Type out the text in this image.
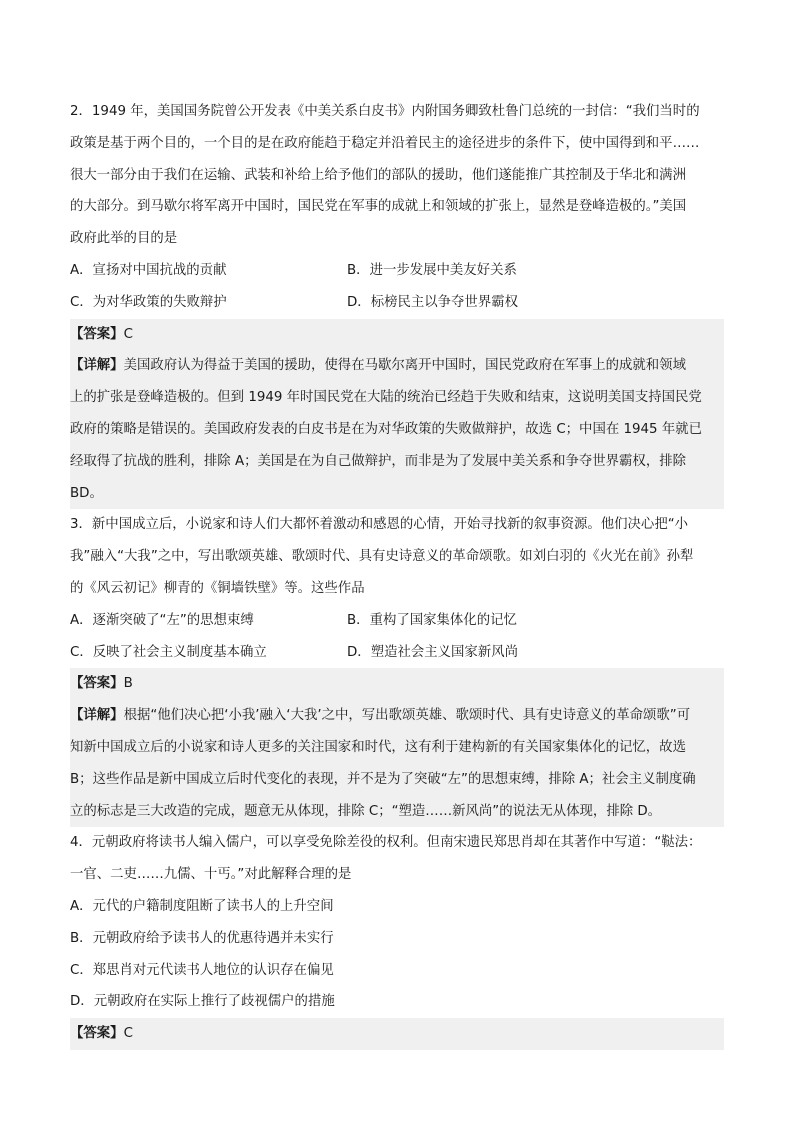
2．1949 年，美国国务院曾公开发表《中美关系白皮书》内附国务卿致杜鲁门总统的一封信：“我们当时的
政策是基于两个目的，一个目的是在政府能趋于稳定并沿着民主的途径进步的条件下，使中国得到和平……
很大一部分由于我们在运输、武装和补给上给予他们的部队的援助，他们遂能推广其控制及于华北和满洲
的大部分。到马歇尔将军离开中国时，国民党在军事的成就上和领域的扩张上，显然是登峰造极的。”美国
政府此举的目的是
A．宣扬对中国抗战的贡献	B．进一步发展中美友好关系
C．为对华政策的失败辩护	D．标榜民主以争夺世界霸权
【答案】C
【详解】美国政府认为得益于美国的援助，使得在马歇尔离开中国时，国民党政府在军事上的成就和领域
上的扩张是登峰造极的。但到 1949 年时国民党在大陆的统治已经趋于失败和结束，这说明美国支持国民党
政府的策略是错误的。美国政府发表的白皮书是在为对华政策的失败做辩护，故选 C；中国在 1945 年就已
经取得了抗战的胜利，排除 A；美国是在为自己做辩护，而非是为了发展中美关系和争夺世界霸权，排除
BD。
3．新中国成立后，小说家和诗人们大都怀着激动和感恩的心情，开始寻找新的叙事资源。他们决心把“小
我”融入“大我”之中，写出歌颂英雄、歌颂时代、具有史诗意义的革命颂歌。如刘白羽的《火光在前》孙犁
的《风云初记》柳青的《铜墙铁壁》等。这些作品
A．逐渐突破了“左”的思想束缚	B．重构了国家集体化的记忆
C．反映了社会主义制度基本确立	D．塑造社会主义国家新风尚
【答案】B
【详解】根据“他们决心把‘小我’融入‘大我’之中，写出歌颂英雄、歌颂时代、具有史诗意义的革命颂歌”可
知新中国成立后的小说家和诗人更多的关注国家和时代，这有利于建构新的有关国家集体化的记忆，故选
B；这些作品是新中国成立后时代变化的表现，并不是为了突破“左”的思想束缚，排除 A；社会主义制度确
立的标志是三大改造的完成，题意无从体现，排除 C；“塑造……新风尚”的说法无从体现，排除 D。
4．元朝政府将读书人编入儒户，可以享受免除差役的权利。但南宋遗民郑思肖却在其著作中写道：“鞑法：
一官、二吏……九儒、十丐。”对此解释合理的是
A．元代的户籍制度阻断了读书人的上升空间
B．元朝政府给予读书人的优惠待遇并未实行
C．郑思肖对元代读书人地位的认识存在偏见
D．元朝政府在实际上推行了歧视儒户的措施
【答案】C
